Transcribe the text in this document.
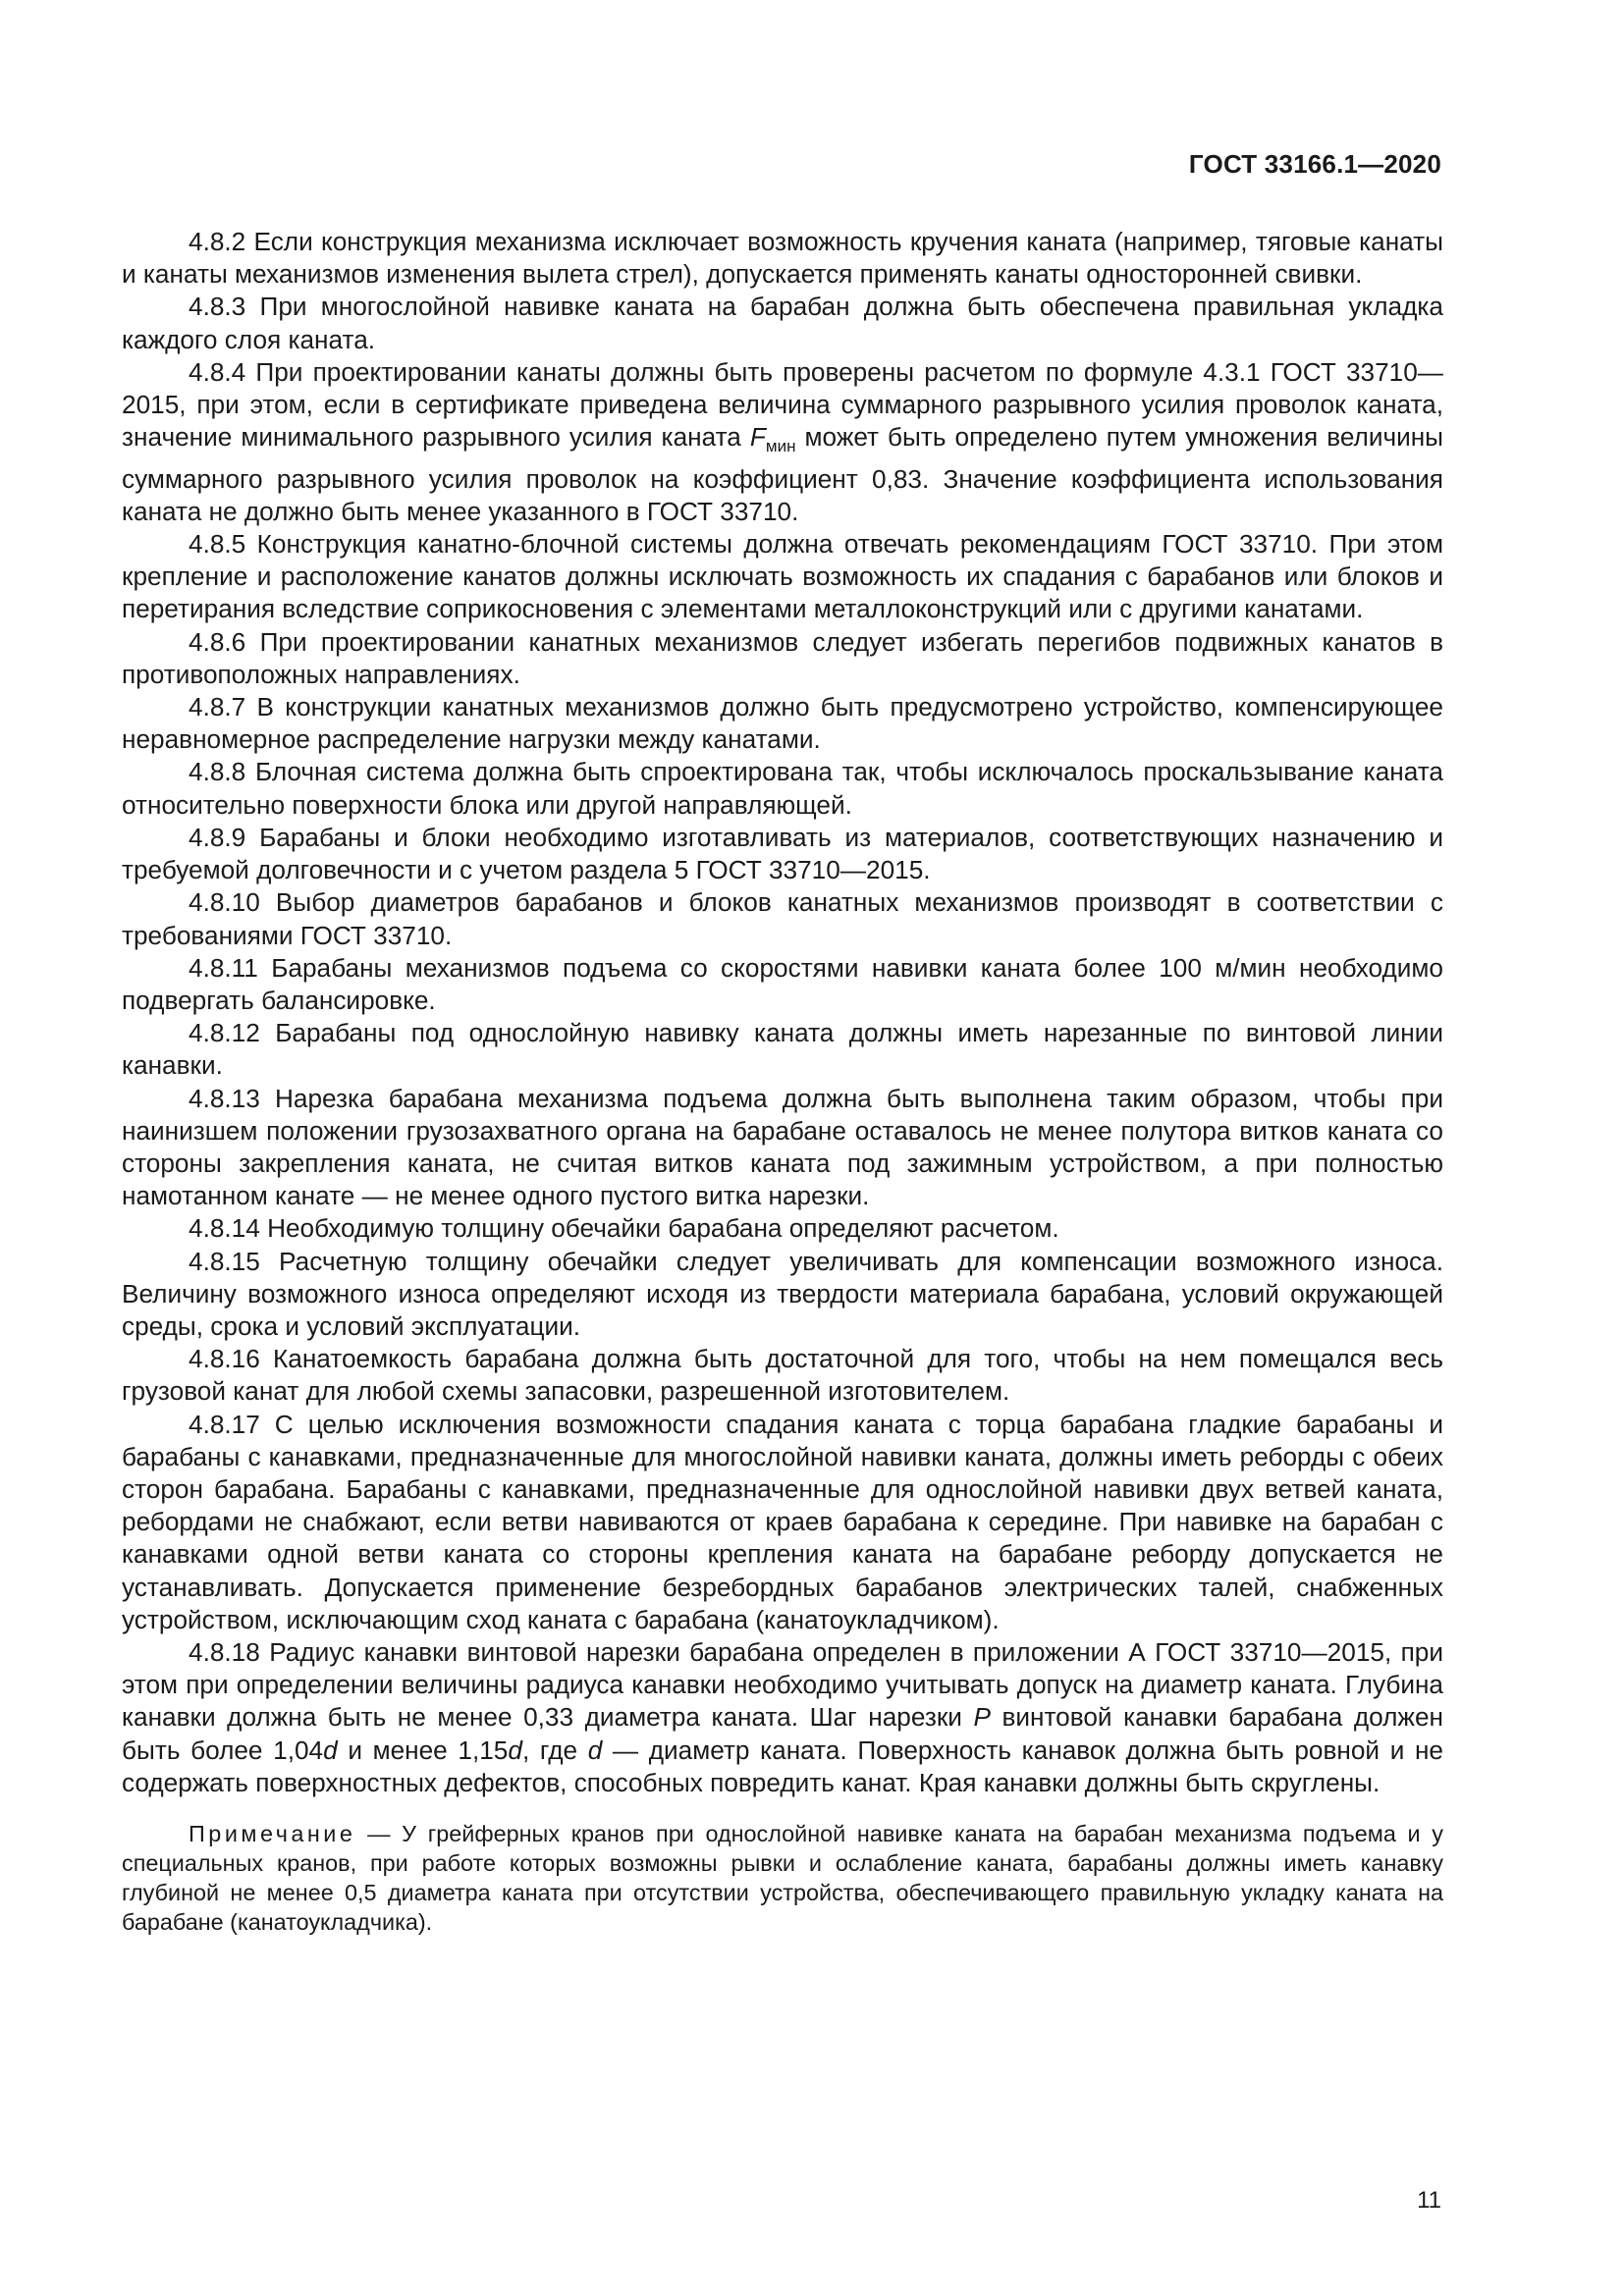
ГОСТ 33166.1—2020

4.8.2 Если конструкция механизма исключает возможность кручения каната (например, тяговые канаты и канаты механизмов изменения вылета стрел), допускается применять канаты односторонней свивки.

4.8.3 При многослойной навивке каната на барабан должна быть обеспечена правильная укладка каждого слоя каната.

4.8.4 При проектировании канаты должны быть проверены расчетом по формуле 4.3.1 ГОСТ 33710—2015, при этом, если в сертификате приведена величина суммарного разрывного усилия проволок каната, значение минимального разрывного усилия каната $F_{мин}$ может быть определено путем умножения величины суммарного разрывного усилия проволок на коэффициент 0,83. Значение коэффициента использования каната не должно быть менее указанного в ГОСТ 33710.

4.8.5 Конструкция канатно-блочной системы должна отвечать рекомендациям ГОСТ 33710. При этом крепление и расположение канатов должны исключать возможность их спадания с барабанов или блоков и перетирания вследствие соприкосновения с элементами металлоконструкций или с другими канатами.

4.8.6 При проектировании канатных механизмов следует избегать перегибов подвижных канатов в противоположных направлениях.

4.8.7 В конструкции канатных механизмов должно быть предусмотрено устройство, компенсирующее неравномерное распределение нагрузки между канатами.

4.8.8 Блочная система должна быть спроектирована так, чтобы исключалось проскальзывание каната относительно поверхности блока или другой направляющей.

4.8.9 Барабаны и блоки необходимо изготавливать из материалов, соответствующих назначению и требуемой долговечности и с учетом раздела 5 ГОСТ 33710—2015.

4.8.10 Выбор диаметров барабанов и блоков канатных механизмов производят в соответствии с требованиями ГОСТ 33710.

4.8.11 Барабаны механизмов подъема со скоростями навивки каната более 100 м/мин необходимо подвергать балансировке.

4.8.12 Барабаны под однослойную навивку каната должны иметь нарезанные по винтовой линии канавки.

4.8.13 Нарезка барабана механизма подъема должна быть выполнена таким образом, чтобы при наинизшем положении грузозахватного органа на барабане оставалось не менее полутора витков каната со стороны закрепления каната, не считая витков каната под зажимным устройством, а при полностью намотанном канате — не менее одного пустого витка нарезки.

4.8.14 Необходимую толщину обечайки барабана определяют расчетом.

4.8.15 Расчетную толщину обечайки следует увеличивать для компенсации возможного износа. Величину возможного износа определяют исходя из твердости материала барабана, условий окружающей среды, срока и условий эксплуатации.

4.8.16 Канатоемкость барабана должна быть достаточной для того, чтобы на нем помещался весь грузовой канат для любой схемы запасовки, разрешенной изготовителем.

4.8.17 С целью исключения возможности спадания каната с торца барабана гладкие барабаны и барабаны с канавками, предназначенные для многослойной навивки каната, должны иметь реборды с обеих сторон барабана. Барабаны с канавками, предназначенные для однослойной навивки двух ветвей каната, ребордами не снабжают, если ветви навиваются от краев барабана к середине. При навивке на барабан с канавками одной ветви каната со стороны крепления каната на барабане реборду допускается не устанавливать. Допускается применение безребордных барабанов электрических талей, снабженных устройством, исключающим сход каната с барабана (канатоукладчиком).

4.8.18 Радиус канавки винтовой нарезки барабана определен в приложении А ГОСТ 33710—2015, при этом при определении величины радиуса канавки необходимо учитывать допуск на диаметр каната. Глубина канавки должна быть не менее 0,33 диаметра каната. Шаг нарезки P винтовой канавки барабана должен быть более 1,04d и менее 1,15d, где d — диаметр каната. Поверхность канавок должна быть ровной и не содержать поверхностных дефектов, способных повредить канат. Края канавки должны быть скруглены.

Примечание — У грейферных кранов при однослойной навивке каната на барабан механизма подъема и у специальных кранов, при работе которых возможны рывки и ослабление каната, барабаны должны иметь канавку глубиной не менее 0,5 диаметра каната при отсутствии устройства, обеспечивающего правильную укладку каната на барабане (канатоукладчика).

11
